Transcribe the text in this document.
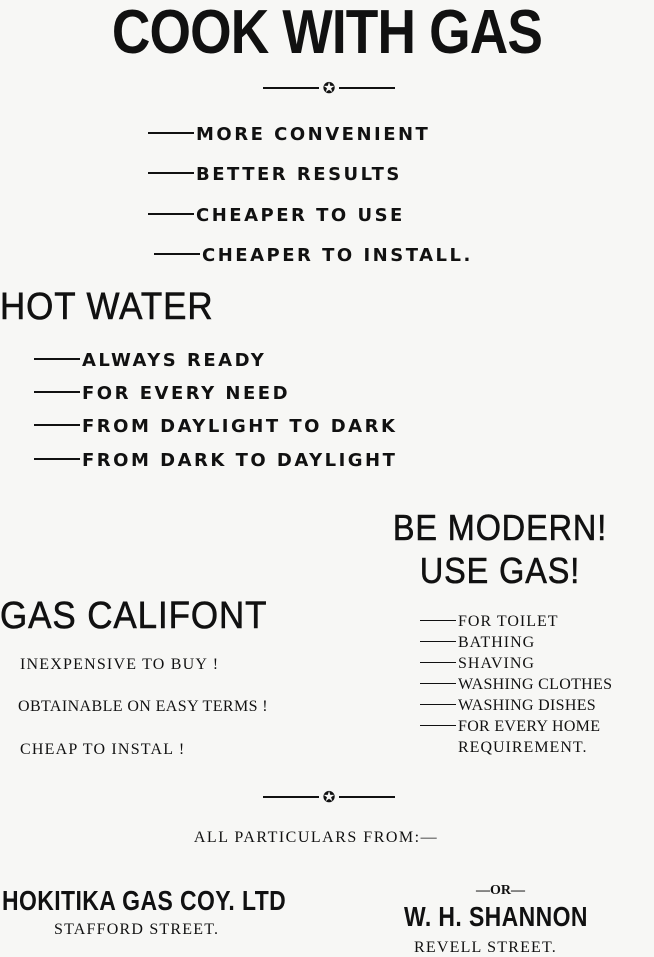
COOK WITH GAS
✪
MORE CONVENIENT
BETTER RESULTS
CHEAPER TO USE
CHEAPER TO INSTALL.
HOT WATER
ALWAYS READY
FOR EVERY NEED
FROM DAYLIGHT TO DARK
FROM DARK TO DAYLIGHT
BE MODERN!
USE GAS!
GAS CALIFONT
INEXPENSIVE TO BUY !
OBTAINABLE ON EASY TERMS !
CHEAP TO INSTAL !
FOR TOILET
BATHING
SHAVING
WASHING CLOTHES
WASHING DISHES
FOR EVERY HOME
REQUIREMENT.
✪
ALL PARTICULARS FROM:—
HOKITIKA GAS COY. LTD
STAFFORD STREET.
—OR—
W. H. SHANNON
REVELL STREET.
